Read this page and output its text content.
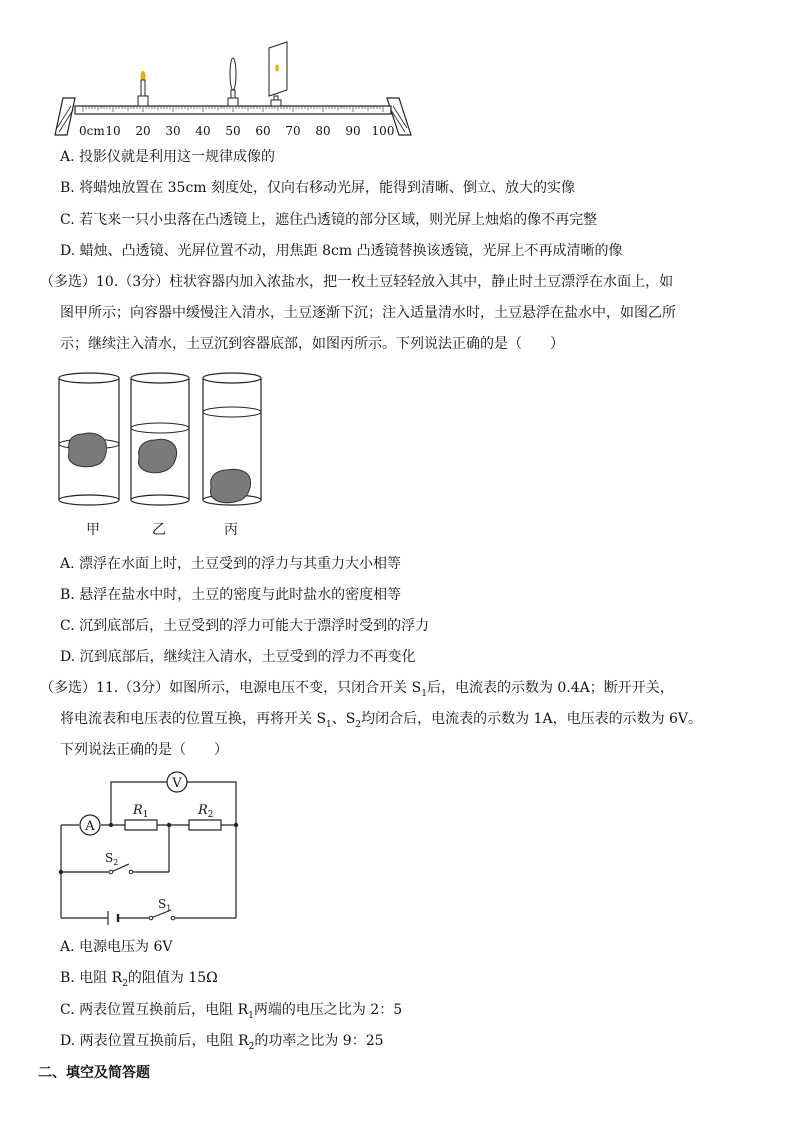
0cm 10 20 30 40 50 60 70 80 90 100
A. 投影仪就是利用这一规律成像的
B. 将蜡烛放置在 35cm 刻度处，仅向右移动光屏，能得到清晰、倒立、放大的实像
C. 若飞来一只小虫落在凸透镜上，遮住凸透镜的部分区域，则光屏上烛焰的像不再完整
D. 蜡烛、凸透镜、光屏位置不动，用焦距 8cm 凸透镜替换该透镜，光屏上不再成清晰的像
（多选）10.（3分）柱状容器内加入浓盐水，把一枚土豆轻轻放入其中，静止时土豆漂浮在水面上，如
图甲所示；向容器中缓慢注入清水，土豆逐渐下沉；注入适量清水时，土豆悬浮在盐水中，如图乙所
示；继续注入清水，土豆沉到容器底部，如图丙所示。下列说法正确的是（　　）
甲	乙	丙
A. 漂浮在水面上时，土豆受到的浮力与其重力大小相等
B. 悬浮在盐水中时，土豆的密度与此时盐水的密度相等
C. 沉到底部后，土豆受到的浮力可能大于漂浮时受到的浮力
D. 沉到底部后，继续注入清水，土豆受到的浮力不再变化
（多选）11.（3分）如图所示，电源电压不变，只闭合开关 $S_1$后，电流表的示数为 0.4A；断开开关，
将电流表和电压表的位置互换，再将开关 $S_1$、$S_2$均闭合后，电流表的示数为 1A，电压表的示数为 6V。
下列说法正确的是（　　）
V
A
$R_1$	$R_2$
$S_2$
$S_1$
A. 电源电压为 6V
B. 电阻 $R_2$的阻值为 15Ω
C. 两表位置互换前后，电阻 $R_1$两端的电压之比为 2：5
D. 两表位置互换前后，电阻 $R_2$的功率之比为 9：25
二、填空及简答题
